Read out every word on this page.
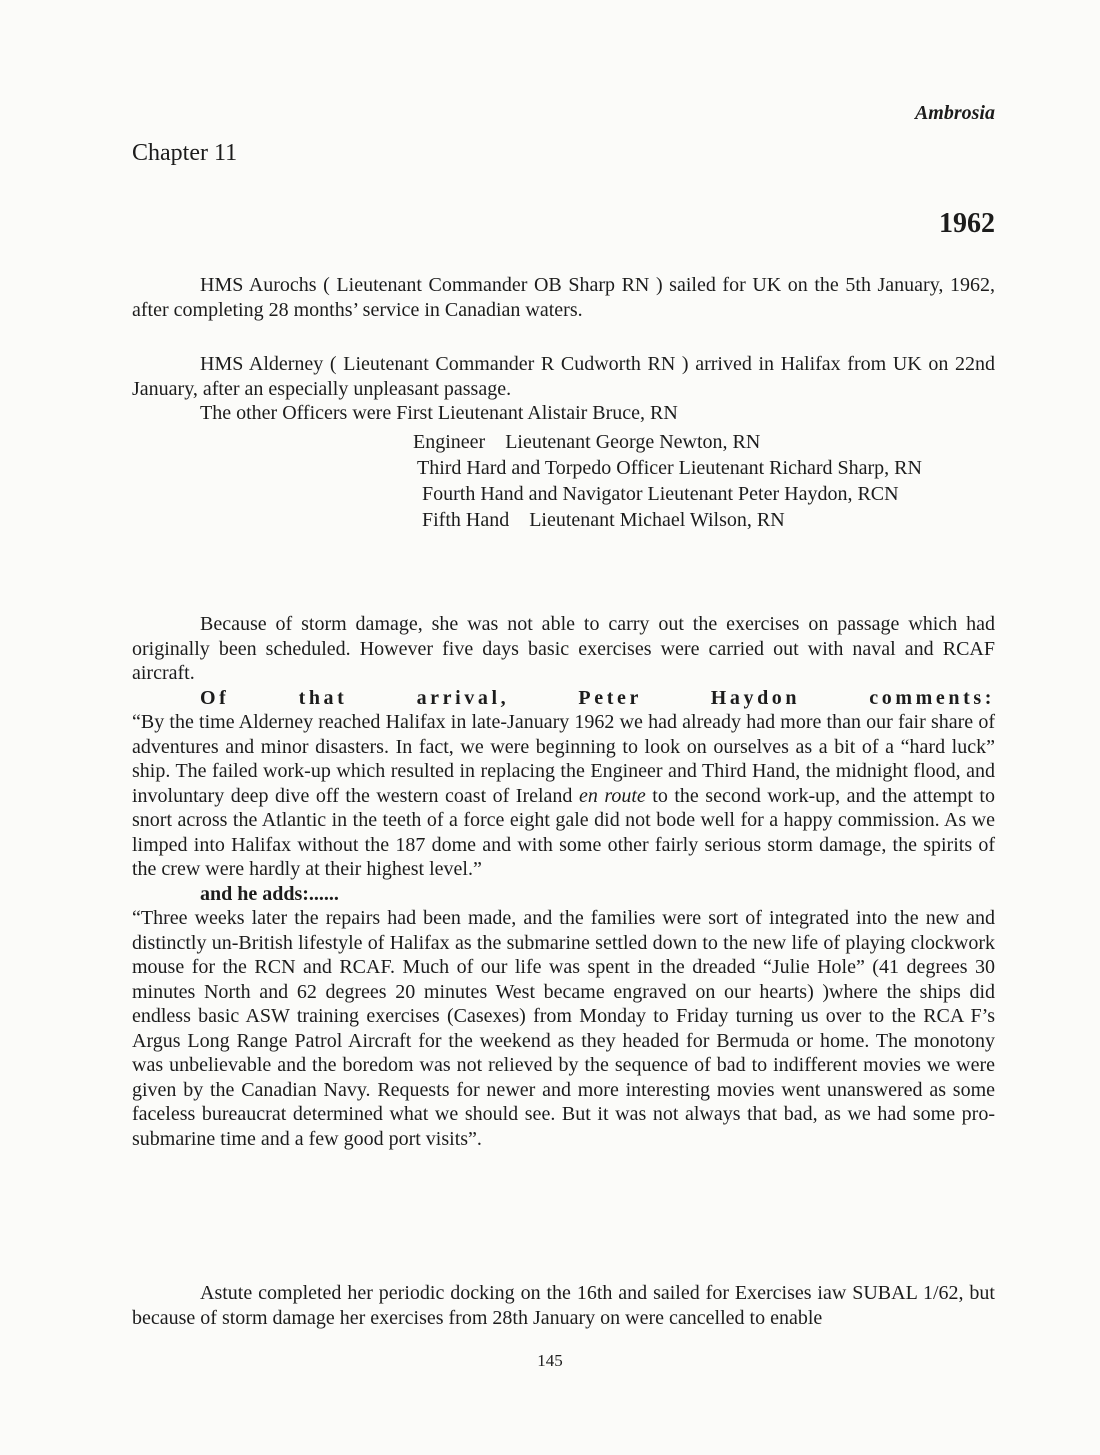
Ambrosia
Chapter 11
1962

HMS Aurochs ( Lieutenant Commander OB Sharp RN ) sailed for UK on the 5th January, 1962, after completing 28 months’ service in Canadian waters.

HMS Alderney ( Lieutenant Commander R Cudworth RN ) arrived in Halifax from UK on 22nd January, after an especially unpleasant passage.

The other Officers were First Lieutenant Alistair Bruce, RN

Engineer    Lieutenant George Newton, RN
Third Hard and Torpedo Officer Lieutenant Richard Sharp, RN
Fourth Hand and Navigator Lieutenant Peter Haydon, RCN
Fifth Hand    Lieutenant Michael Wilson, RN

Because of storm damage, she was not able to carry out the exercises on passage which had originally been scheduled. However five days basic exercises were carried out with naval and RCAF aircraft.

Of that arrival, Peter Haydon comments:

“By the time Alderney reached Halifax in late-January 1962 we had already had more than our fair share of adventures and minor disasters. In fact, we were beginning to look on ourselves as a bit of a “hard luck” ship. The failed work-up which resulted in replacing the Engineer and Third Hand, the midnight flood, and involuntary deep dive off the western coast of Ireland en route to the second work-up, and the attempt to snort across the Atlantic in the teeth of a force eight gale did not bode well for a happy commission. As we limped into Halifax without the 187 dome and with some other fairly serious storm damage, the spirits of the crew were hardly at their highest level.”

and he adds:......

“Three weeks later the repairs had been made, and the families were sort of integrated into the new and distinctly un-British lifestyle of Halifax as the submarine settled down to the new life of playing clockwork mouse for the RCN and RCAF. Much of our life was spent in the dreaded “Julie Hole” (41 degrees 30 minutes North and 62 degrees 20 minutes West became engraved on our hearts) )where the ships did endless basic ASW training exercises (Casexes) from Monday to Friday turning us over to the RCA F’s Argus Long Range Patrol Aircraft for the weekend as they headed for Bermuda or home. The monotony was unbelievable and the boredom was not relieved by the sequence of bad to indifferent movies we were given by the Canadian Navy. Requests for newer and more interesting movies went unanswered as some faceless bureaucrat determined what we should see. But it was not always that bad, as we had some pro-submarine time and a few good port visits”.

Astute completed her periodic docking on the 16th and sailed for Exercises iaw SUBAL 1/62, but because of storm damage her exercises from 28th January on were cancelled to enable

145
